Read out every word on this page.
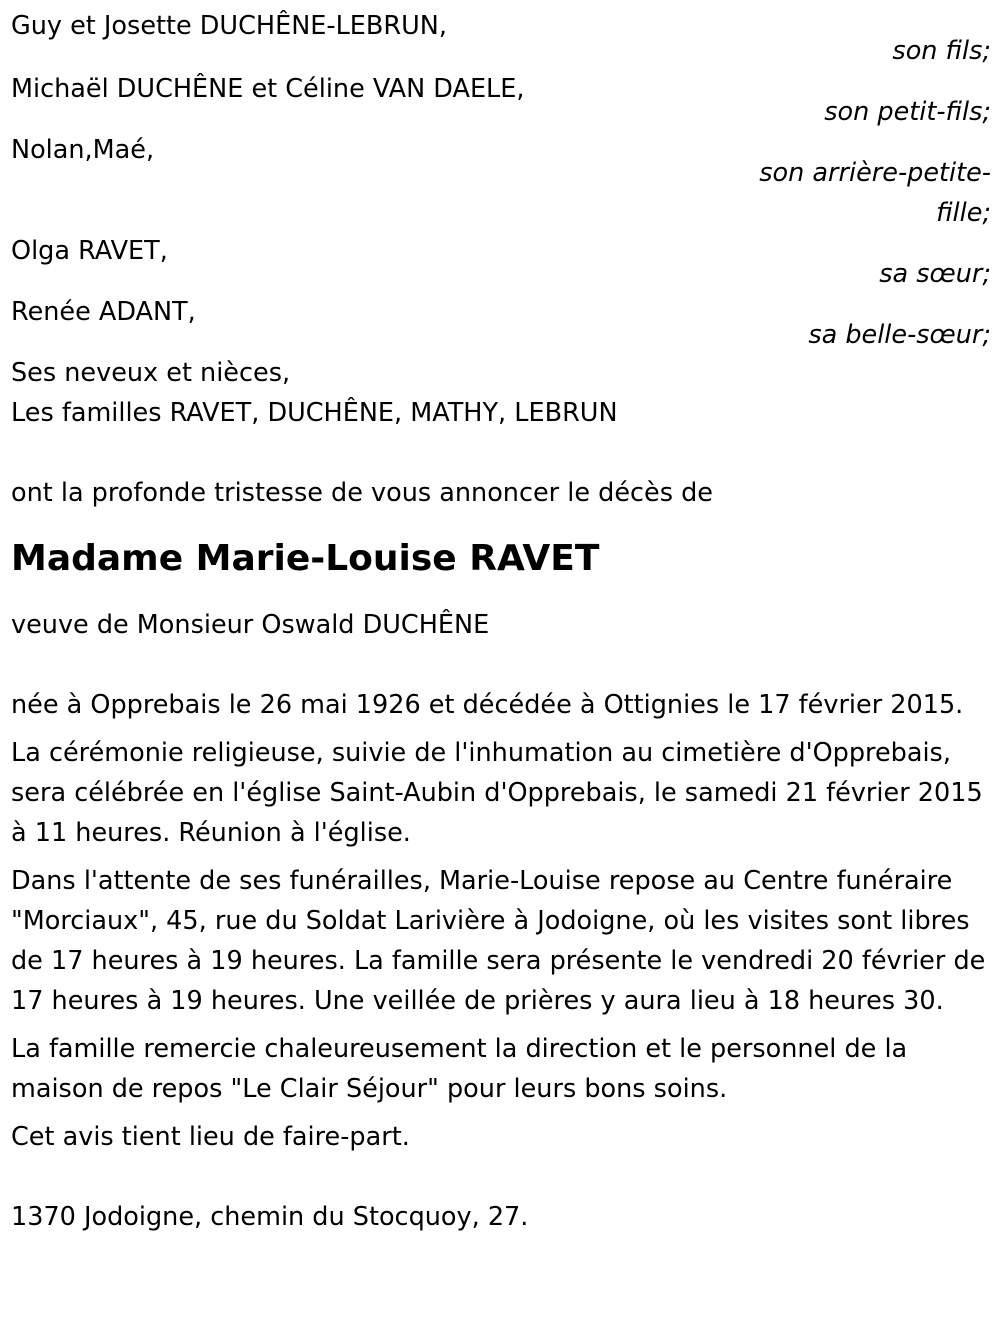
Guy et Josette DUCHÊNE-LEBRUN,
son fils;
Michaël DUCHÊNE et Céline VAN DAELE,
son petit-fils;
Nolan,Maé,
son arrière-petite-fille;
Olga RAVET,
sa sœur;
Renée ADANT,
sa belle-sœur;
Ses neveux et nièces,
Les familles RAVET, DUCHÊNE, MATHY, LEBRUN
ont la profonde tristesse de vous annoncer le décès de
Madame Marie-Louise RAVET
veuve de Monsieur Oswald DUCHÊNE
née à Opprebais le 26 mai 1926 et décédée à Ottignies le 17 février 2015.
La cérémonie religieuse, suivie de l'inhumation au cimetière d'Opprebais, sera célébrée en l'église Saint-Aubin d'Opprebais, le samedi 21 février 2015 à 11 heures. Réunion à l'église.
Dans l'attente de ses funérailles, Marie-Louise repose au Centre funéraire "Morciaux", 45, rue du Soldat Larivière à Jodoigne, où les visites sont libres de 17 heures à 19 heures. La famille sera présente le vendredi 20 février de 17 heures à 19 heures. Une veillée de prières y aura lieu à 18 heures 30.
La famille remercie chaleureusement la direction et le personnel de la maison de repos "Le Clair Séjour" pour leurs bons soins.
Cet avis tient lieu de faire-part.
1370 Jodoigne, chemin du Stocquoy, 27.
